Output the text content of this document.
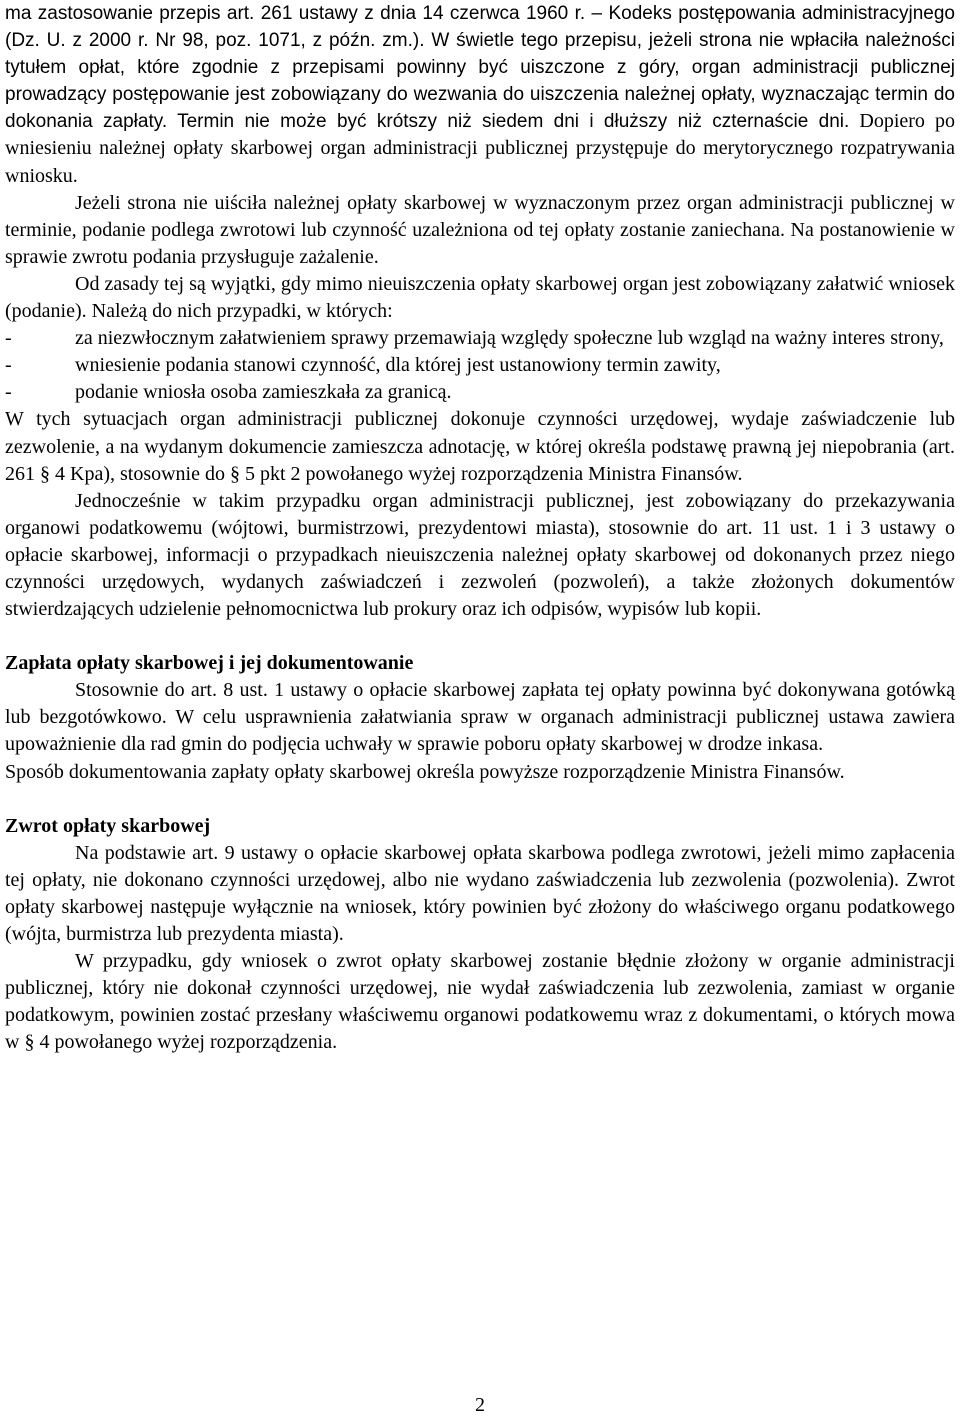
ma zastosowanie przepis art. 261 ustawy z dnia 14 czerwca 1960 r. – Kodeks postępowania administracyjnego (Dz. U. z 2000 r. Nr 98, poz. 1071, z późn. zm.). W świetle tego przepisu, jeżeli strona nie wpłaciła należności tytułem opłat, które zgodnie z przepisami powinny być uiszczone z góry, organ administracji publicznej prowadzący postępowanie jest zobowiązany do wezwania do uiszczenia należnej opłaty, wyznaczając termin do dokonania zapłaty. Termin nie może być krótszy niż siedem dni i dłuższy niż czternaście dni. Dopiero po wniesieniu należnej opłaty skarbowej organ administracji publicznej przystępuje do merytorycznego rozpatrywania wniosku.

Jeżeli strona nie uiściła należnej opłaty skarbowej w wyznaczonym przez organ administracji publicznej w terminie, podanie podlega zwrotowi lub czynność uzależniona od tej opłaty zostanie zaniechana. Na postanowienie w sprawie zwrotu podania przysługuje zażalenie.

Od zasady tej są wyjątki, gdy mimo nieuiszczenia opłaty skarbowej organ jest zobowiązany załatwić wniosek (podanie). Należą do nich przypadki, w których:

-	za niezwłocznym załatwieniem sprawy przemawiają względy społeczne lub wzgląd na ważny interes strony,
-	wniesienie podania stanowi czynność, dla której jest ustanowiony termin zawity,
-	podanie wniosła osoba zamieszkała za granicą.

W tych sytuacjach organ administracji publicznej dokonuje czynności urzędowej, wydaje zaświadczenie lub zezwolenie, a na wydanym dokumencie zamieszcza adnotację, w której określa podstawę prawną jej niepobrania (art. 261 § 4 Kpa), stosownie do § 5 pkt 2 powołanego wyżej rozporządzenia Ministra Finansów.

Jednocześnie w takim przypadku organ administracji publicznej, jest zobowiązany do przekazywania organowi podatkowemu (wójtowi, burmistrzowi, prezydentowi miasta), stosownie do art. 11 ust. 1 i 3 ustawy o opłacie skarbowej, informacji o przypadkach nieuiszczenia należnej opłaty skarbowej od dokonanych przez niego czynności urzędowych, wydanych zaświadczeń i zezwoleń (pozwoleń), a także złożonych dokumentów stwierdzających udzielenie pełnomocnictwa lub prokury oraz ich odpisów, wypisów lub kopii.

Zapłata opłaty skarbowej i jej dokumentowanie

Stosownie do art. 8 ust. 1 ustawy o opłacie skarbowej zapłata tej opłaty powinna być dokonywana gotówką lub bezgotówkowo. W celu usprawnienia załatwiania spraw w organach administracji publicznej ustawa zawiera upoważnienie dla rad gmin do podjęcia uchwały w sprawie poboru opłaty skarbowej w drodze inkasa.

Sposób dokumentowania zapłaty opłaty skarbowej określa powyższe rozporządzenie Ministra Finansów.

Zwrot opłaty skarbowej

Na podstawie art. 9 ustawy o opłacie skarbowej opłata skarbowa podlega zwrotowi, jeżeli mimo zapłacenia tej opłaty, nie dokonano czynności urzędowej, albo nie wydano zaświadczenia lub zezwolenia (pozwolenia). Zwrot opłaty skarbowej następuje wyłącznie na wniosek, który powinien być złożony do właściwego organu podatkowego (wójta, burmistrza lub prezydenta miasta).

W przypadku, gdy wniosek o zwrot opłaty skarbowej zostanie błędnie złożony w organie administracji publicznej, który nie dokonał czynności urzędowej, nie wydał zaświadczenia lub zezwolenia, zamiast w organie podatkowym, powinien zostać przesłany właściwemu organowi podatkowemu wraz z dokumentami, o których mowa w § 4 powołanego wyżej rozporządzenia.

2
